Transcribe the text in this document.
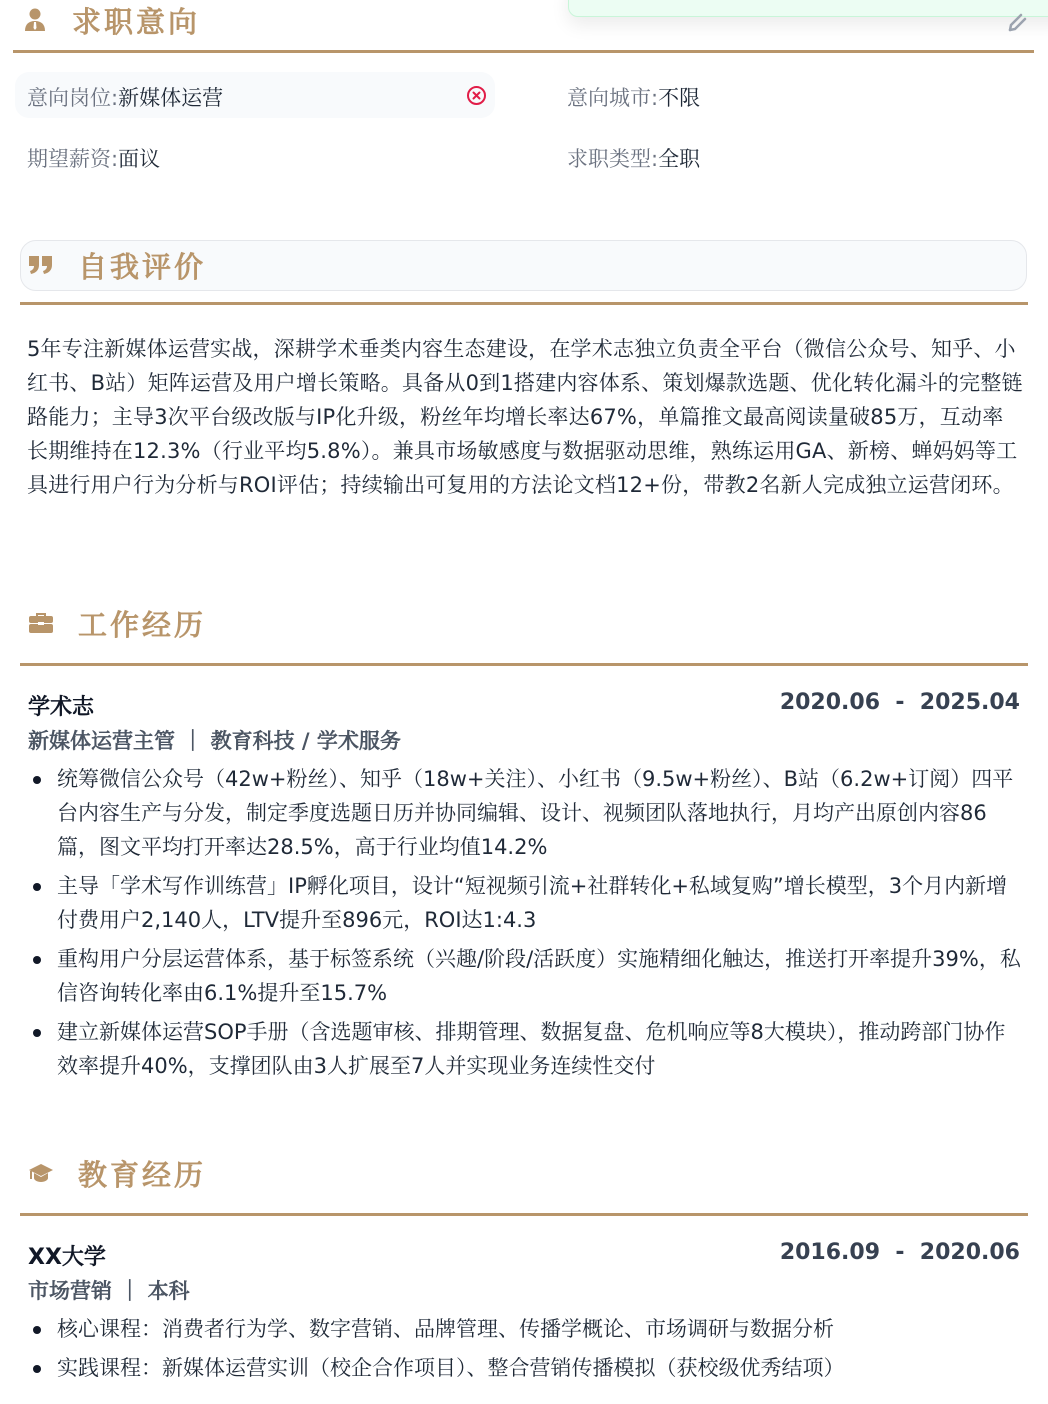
求职意向
意向岗位:新媒体运营	意向城市:不限
期望薪资:面议	求职类型:全职
自我评价

5年专注新媒体运营实战，深耕学术垂类内容生态建设，在学术志独立负责全平台（微信公众号、知乎、小红书、B站）矩阵运营及用户增长策略。具备从0到1搭建内容体系、策划爆款选题、优化转化漏斗的完整链路能力；主导3次平台级改版与IP化升级，粉丝年均增长率达67%，单篇推文最高阅读量破85万，互动率长期维持在12.3%（行业平均5.8%）。兼具市场敏感度与数据驱动思维，熟练运用GA、新榜、蝉妈妈等工具进行用户行为分析与ROI评估；持续输出可复用的方法论文档12+份，带教2名新人完成独立运营闭环。

工作经历
学术志	2020.06  -  2025.04
新媒体运营主管 ｜ 教育科技 / 学术服务
统筹微信公众号（42w+粉丝）、知乎（18w+关注）、小红书（9.5w+粉丝）、B站（6.2w+订阅）四平台内容生产与分发，制定季度选题日历并协同编辑、设计、视频团队落地执行，月均产出原创内容86篇，图文平均打开率达28.5%，高于行业均值14.2%
主导「学术写作训练营」IP孵化项目，设计“短视频引流+社群转化+私域复购”增长模型，3个月内新增付费用户2,140人，LTV提升至896元，ROI达1:4.3
重构用户分层运营体系，基于标签系统（兴趣/阶段/活跃度）实施精细化触达，推送打开率提升39%，私信咨询转化率由6.1%提升至15.7%
建立新媒体运营SOP手册（含选题审核、排期管理、数据复盘、危机响应等8大模块），推动跨部门协作效率提升40%，支撑团队由3人扩展至7人并实现业务连续性交付
教育经历
XX大学	2016.09  -  2020.06
市场营销 ｜ 本科
核心课程：消费者行为学、数字营销、品牌管理、传播学概论、市场调研与数据分析
实践课程：新媒体运营实训（校企合作项目）、整合营销传播模拟（获校级优秀结项）
